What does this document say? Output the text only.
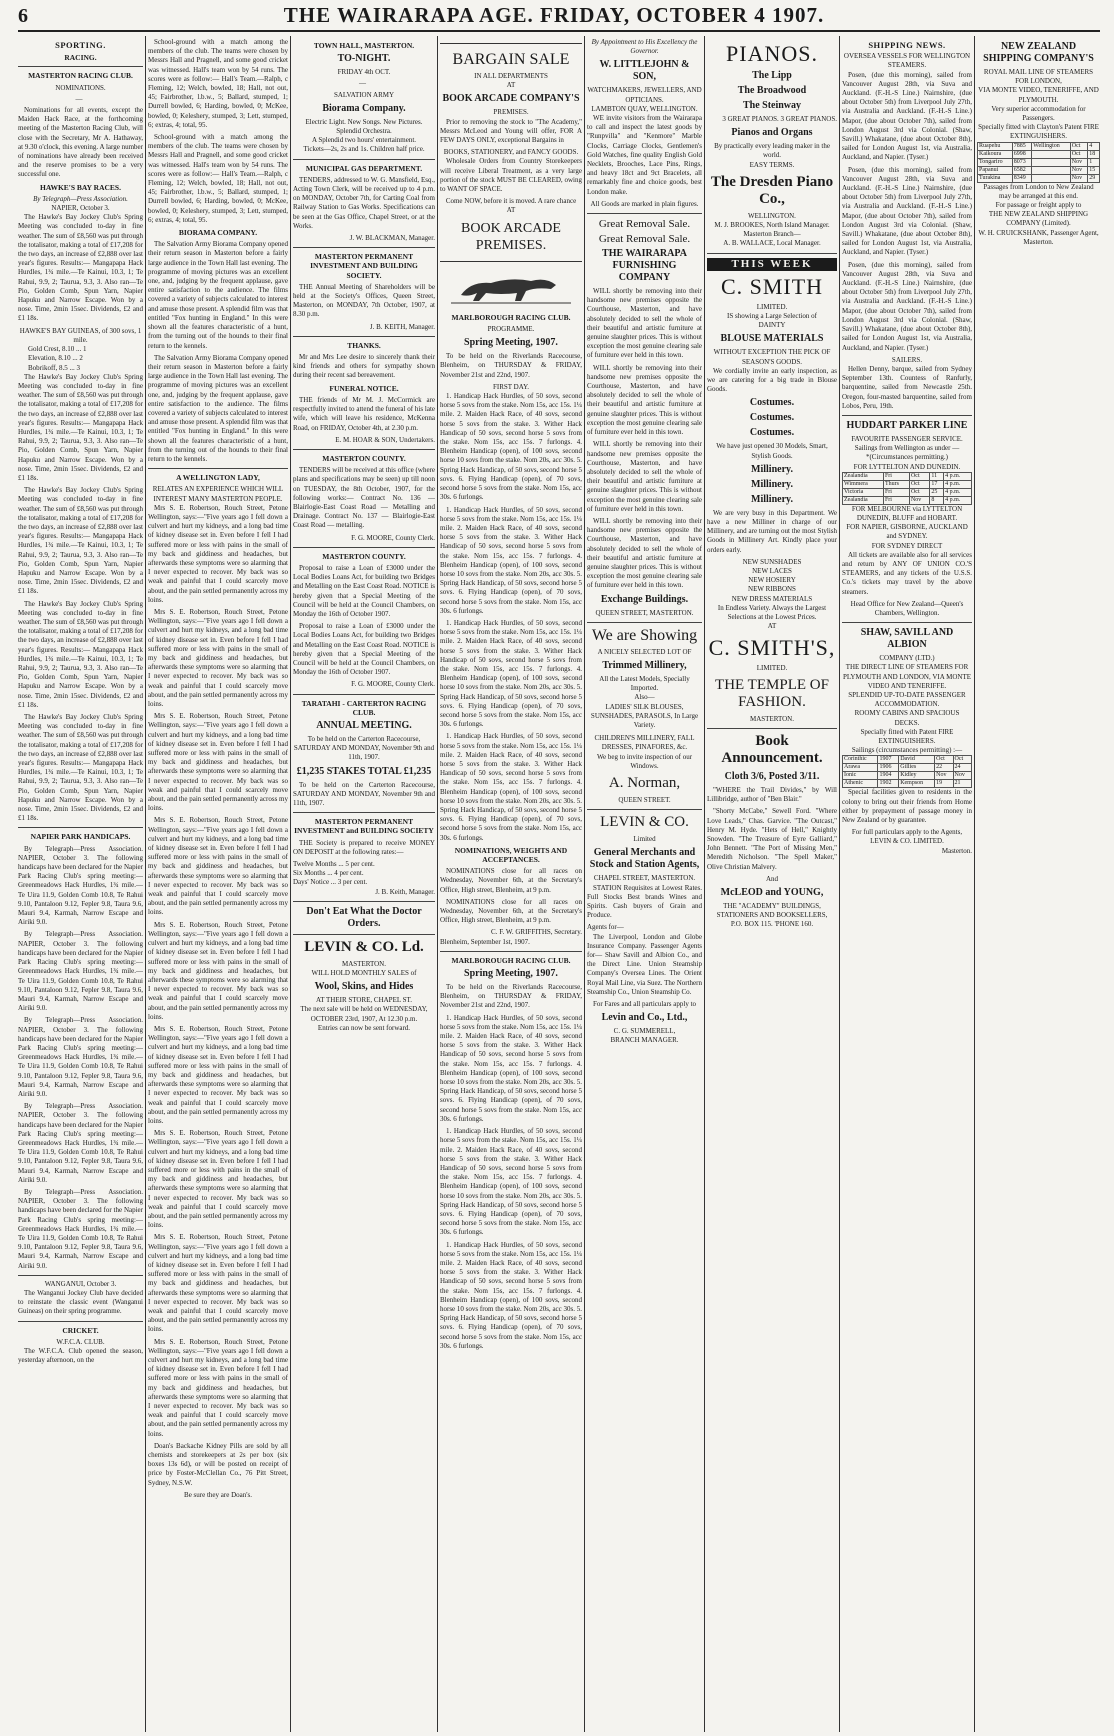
6	THE WAIRARAPA AGE. FRIDAY, OCTOBER 4 1907.
SPORTING.
RACING.
MASTERTON RACING CLUB.
NOMINATIONS.
—

Nominations for all events, except the Maiden Hack Race, at the forthcoming meeting of the Masterton Racing Club, will close with the Secretary, Mr A. Hathaway, at 9.30 o'clock, this evening. A large number of nominations have already been received and the reserve promises to be a very successful one.

HAWKE'S BAY RACES.
By Telegraph—Press Association.
NAPIER, October 3.

The Hawke's Bay Jockey Club's Spring Meeting was concluded to-day in fine weather. The sum of £8,560 was put through the totalisator, making a total of £17,208 for the two days, an increase of £2,888 over last year's figures. Results:— Mangapapa Hack Hurdles, 1¾ mile.—Te Kainui, 10.3, 1; Te Rahui, 9.9, 2; Taurua, 9.3, 3. Also ran—Te Pio, Golden Comb, Spun Yarn, Napier Hapuku and Narrow Escape. Won by a nose. Time, 2min 15sec. Dividends, £2 and £1 18s.

HAWKE'S BAY GUINEAS, of 300 sovs, 1 mile.
Gold Crest, 8.10 ... 1
Elevation, 8.10 ... 2
Bobrikoff, 8.5 ... 3

The Hawke's Bay Jockey Club's Spring Meeting was concluded to-day in fine weather. The sum of £8,560 was put through the totalisator, making a total of £17,208 for the two days, an increase of £2,888 over last year's figures. Results:— Mangapapa Hack Hurdles, 1¾ mile.—Te Kainui, 10.3, 1; Te Rahui, 9.9, 2; Taurua, 9.3, 3. Also ran—Te Pio, Golden Comb, Spun Yarn, Napier Hapuku and Narrow Escape. Won by a nose. Time, 2min 15sec. Dividends, £2 and £1 18s.

The Hawke's Bay Jockey Club's Spring Meeting was concluded to-day in fine weather. The sum of £8,560 was put through the totalisator, making a total of £17,208 for the two days, an increase of £2,888 over last year's figures. Results:— Mangapapa Hack Hurdles, 1¾ mile.—Te Kainui, 10.3, 1; Te Rahui, 9.9, 2; Taurua, 9.3, 3. Also ran—Te Pio, Golden Comb, Spun Yarn, Napier Hapuku and Narrow Escape. Won by a nose. Time, 2min 15sec. Dividends, £2 and £1 18s.

The Hawke's Bay Jockey Club's Spring Meeting was concluded to-day in fine weather. The sum of £8,560 was put through the totalisator, making a total of £17,208 for the two days, an increase of £2,888 over last year's figures. Results:— Mangapapa Hack Hurdles, 1¾ mile.—Te Kainui, 10.3, 1; Te Rahui, 9.9, 2; Taurua, 9.3, 3. Also ran—Te Pio, Golden Comb, Spun Yarn, Napier Hapuku and Narrow Escape. Won by a nose. Time, 2min 15sec. Dividends, £2 and £1 18s.

The Hawke's Bay Jockey Club's Spring Meeting was concluded to-day in fine weather. The sum of £8,560 was put through the totalisator, making a total of £17,208 for the two days, an increase of £2,888 over last year's figures. Results:— Mangapapa Hack Hurdles, 1¾ mile.—Te Kainui, 10.3, 1; Te Rahui, 9.9, 2; Taurua, 9.3, 3. Also ran—Te Pio, Golden Comb, Spun Yarn, Napier Hapuku and Narrow Escape. Won by a nose. Time, 2min 15sec. Dividends, £2 and £1 18s.

NAPIER PARK HANDICAPS.

By Telegraph—Press Association. NAPIER, October 3. The following handicaps have been declared for the Napier Park Racing Club's spring meeting:— Greenmeadows Hack Hurdles, 1¾ mile.—Te Uira 11.9, Golden Comb 10.8, Te Rahui 9.10, Pantaloon 9.12, Fepler 9.8, Taura 9.6, Mauri 9.4, Karmah, Narrow Escape and Airiki 9.0.

By Telegraph—Press Association. NAPIER, October 3. The following handicaps have been declared for the Napier Park Racing Club's spring meeting:— Greenmeadows Hack Hurdles, 1¾ mile.—Te Uira 11.9, Golden Comb 10.8, Te Rahui 9.10, Pantaloon 9.12, Fepler 9.8, Taura 9.6, Mauri 9.4, Karmah, Narrow Escape and Airiki 9.0.

By Telegraph—Press Association. NAPIER, October 3. The following handicaps have been declared for the Napier Park Racing Club's spring meeting:— Greenmeadows Hack Hurdles, 1¾ mile.—Te Uira 11.9, Golden Comb 10.8, Te Rahui 9.10, Pantaloon 9.12, Fepler 9.8, Taura 9.6, Mauri 9.4, Karmah, Narrow Escape and Airiki 9.0.

By Telegraph—Press Association. NAPIER, October 3. The following handicaps have been declared for the Napier Park Racing Club's spring meeting:— Greenmeadows Hack Hurdles, 1¾ mile.—Te Uira 11.9, Golden Comb 10.8, Te Rahui 9.10, Pantaloon 9.12, Fepler 9.8, Taura 9.6, Mauri 9.4, Karmah, Narrow Escape and Airiki 9.0.

By Telegraph—Press Association. NAPIER, October 3. The following handicaps have been declared for the Napier Park Racing Club's spring meeting:— Greenmeadows Hack Hurdles, 1¾ mile.—Te Uira 11.9, Golden Comb 10.8, Te Rahui 9.10, Pantaloon 9.12, Fepler 9.8, Taura 9.6, Mauri 9.4, Karmah, Narrow Escape and Airiki 9.0.

WANGANUI, October 3.

The Wanganui Jockey Club have decided to reinstate the classic event (Wanganui Guineas) on their spring programme.

CRICKET.
W.F.C.A. CLUB.

The W.F.C.A. Club opened the season, yesterday afternoon, on the

School-ground with a match among the members of the club. The teams were chosen by Messrs Hall and Pragnell, and some good cricket was witnessed. Hall's team won by 54 runs. The scores were as follow:— Hall's Team.—Ralph, c Fleming, 12; Welch, bowled, 18; Hall, not out, 45; Fairbrother, l.b.w., 5; Ballard, stumped, 1; Durrell bowled, 6; Harding, bowled, 0; McKee, bowled, 0; Keleshery, stumped, 3; Lett, stumped, 6; extras, 4; total, 95.

School-ground with a match among the members of the club. The teams were chosen by Messrs Hall and Pragnell, and some good cricket was witnessed. Hall's team won by 54 runs. The scores were as follow:— Hall's Team.—Ralph, c Fleming, 12; Welch, bowled, 18; Hall, not out, 45; Fairbrother, l.b.w., 5; Ballard, stumped, 1; Durrell bowled, 6; Harding, bowled, 0; McKee, bowled, 0; Keleshery, stumped, 3; Lett, stumped, 6; extras, 4; total, 95.

BIORAMA COMPANY.

The Salvation Army Biorama Company opened their return season in Masterton before a fairly large audience in the Town Hall last evening. The programme of moving pictures was an excellent one, and, judging by the frequent applause, gave entire satisfaction to the audience. The films covered a variety of subjects calculated to interest and amuse those present. A splendid film was that entitled "Fox hunting in England." In this were shown all the features characteristic of a hunt, from the turning out of the hounds to their final return to the kennels.

The Salvation Army Biorama Company opened their return season in Masterton before a fairly large audience in the Town Hall last evening. The programme of moving pictures was an excellent one, and, judging by the frequent applause, gave entire satisfaction to the audience. The films covered a variety of subjects calculated to interest and amuse those present. A splendid film was that entitled "Fox hunting in England." In this were shown all the features characteristic of a hunt, from the turning out of the hounds to their final return to the kennels.

A WELLINGTON LADY,
RELATES AN EXPERIENCE WHICH WILL INTEREST MANY MASTERTON PEOPLE.

Mrs S. E. Robertson, Rouch Street, Petone Wellington, says:—"Five years ago I fell down a culvert and hurt my kidneys, and a long bad time of kidney disease set in. Even before I fell I had suffered more or less with pains in the small of my back and giddiness and headaches, but afterwards these symptoms were so alarming that I never expected to recover. My back was so weak and painful that I could scarcely move about, and the pain settled permanently across my loins.

Mrs S. E. Robertson, Rouch Street, Petone Wellington, says:—"Five years ago I fell down a culvert and hurt my kidneys, and a long bad time of kidney disease set in. Even before I fell I had suffered more or less with pains in the small of my back and giddiness and headaches, but afterwards these symptoms were so alarming that I never expected to recover. My back was so weak and painful that I could scarcely move about, and the pain settled permanently across my loins.

Mrs S. E. Robertson, Rouch Street, Petone Wellington, says:—"Five years ago I fell down a culvert and hurt my kidneys, and a long bad time of kidney disease set in. Even before I fell I had suffered more or less with pains in the small of my back and giddiness and headaches, but afterwards these symptoms were so alarming that I never expected to recover. My back was so weak and painful that I could scarcely move about, and the pain settled permanently across my loins.

Mrs S. E. Robertson, Rouch Street, Petone Wellington, says:—"Five years ago I fell down a culvert and hurt my kidneys, and a long bad time of kidney disease set in. Even before I fell I had suffered more or less with pains in the small of my back and giddiness and headaches, but afterwards these symptoms were so alarming that I never expected to recover. My back was so weak and painful that I could scarcely move about, and the pain settled permanently across my loins.

Mrs S. E. Robertson, Rouch Street, Petone Wellington, says:—"Five years ago I fell down a culvert and hurt my kidneys, and a long bad time of kidney disease set in. Even before I fell I had suffered more or less with pains in the small of my back and giddiness and headaches, but afterwards these symptoms were so alarming that I never expected to recover. My back was so weak and painful that I could scarcely move about, and the pain settled permanently across my loins.

Mrs S. E. Robertson, Rouch Street, Petone Wellington, says:—"Five years ago I fell down a culvert and hurt my kidneys, and a long bad time of kidney disease set in. Even before I fell I had suffered more or less with pains in the small of my back and giddiness and headaches, but afterwards these symptoms were so alarming that I never expected to recover. My back was so weak and painful that I could scarcely move about, and the pain settled permanently across my loins.

Mrs S. E. Robertson, Rouch Street, Petone Wellington, says:—"Five years ago I fell down a culvert and hurt my kidneys, and a long bad time of kidney disease set in. Even before I fell I had suffered more or less with pains in the small of my back and giddiness and headaches, but afterwards these symptoms were so alarming that I never expected to recover. My back was so weak and painful that I could scarcely move about, and the pain settled permanently across my loins.

Mrs S. E. Robertson, Rouch Street, Petone Wellington, says:—"Five years ago I fell down a culvert and hurt my kidneys, and a long bad time of kidney disease set in. Even before I fell I had suffered more or less with pains in the small of my back and giddiness and headaches, but afterwards these symptoms were so alarming that I never expected to recover. My back was so weak and painful that I could scarcely move about, and the pain settled permanently across my loins.

Mrs S. E. Robertson, Rouch Street, Petone Wellington, says:—"Five years ago I fell down a culvert and hurt my kidneys, and a long bad time of kidney disease set in. Even before I fell I had suffered more or less with pains in the small of my back and giddiness and headaches, but afterwards these symptoms were so alarming that I never expected to recover. My back was so weak and painful that I could scarcely move about, and the pain settled permanently across my loins.

Doan's Backache Kidney Pills are sold by all chemists and storekeepers at 2s per box (six boxes 13s 6d), or will be posted on receipt of price by Foster-McClellan Co., 76 Pitt Street, Sydney, N.S.W.

Be sure they are Doan's.
TOWN HALL, MASTERTON.
TO-NIGHT.
FRIDAY 4th OCT.
—
SALVATION ARMY
Biorama Company.
Electric Light. New Songs. New Pictures. Splendid Orchestra.
A Splendid two hours' entertainment.
Tickets—2s, 2s and 1s. Children half price.
MUNICIPAL GAS DEPARTMENT.

TENDERS, addressed to W. G. Mansfield, Esq., Acting Town Clerk, will be received up to 4 p.m. on MONDAY, October 7th, for Carting Coal from Railway Station to Gas Works. Specifications can be seen at the Gas Office, Chapel Street, or at the Works.

J. W. BLACKMAN, Manager.
MASTERTON PERMANENT INVESTMENT AND BUILDING SOCIETY.

THE Annual Meeting of Shareholders will be held at the Society's Offices, Queen Street, Masterton, on MONDAY, 7th October, 1907, at 8.30 p.m.

J. B. KEITH, Manager.
THANKS.

Mr and Mrs Lee desire to sincerely thank their kind friends and others for sympathy shown during their recent sad bereavement.

FUNERAL NOTICE.

THE friends of Mr M. J. McCormick are respectfully invited to attend the funeral of his late wife, which will leave his residence, McKenna Road, on FRIDAY, October 4th, at 2.30 p.m.

E. M. HOAR & SON, Undertakers.
MASTERTON COUNTY.

TENDERS will be received at this office (where plans and specifications may be seen) up till noon on TUESDAY, the 8th October, 1907, for the following works:— Contract No. 136 — Blairlogie-East Coast Road — Metalling and Drainage. Contract No. 137 — Blairlogie-East Coast Road — metalling.

F. G. MOORE, County Clerk.
MASTERTON COUNTY.

Proposal to raise a Loan of £3000 under the Local Bodies Loans Act, for building two Bridges and Metalling on the East Coast Road. NOTICE is hereby given that a Special Meeting of the Council will be held at the Council Chambers, on Monday the 16th of October 1907.

Proposal to raise a Loan of £3000 under the Local Bodies Loans Act, for building two Bridges and Metalling on the East Coast Road. NOTICE is hereby given that a Special Meeting of the Council will be held at the Council Chambers, on Monday the 16th of October 1907.

F. G. MOORE, County Clerk.
TARATAHI - CARTERTON RACING CLUB.
ANNUAL MEETING.
To be held on the Carterton Racecourse, SATURDAY AND MONDAY, November 9th and 11th, 1907.
£1,235 STAKES TOTAL £1,235

To be held on the Carterton Racecourse, SATURDAY AND MONDAY, November 9th and 11th, 1907.

MASTERTON PERMANENT INVESTMENT and BUILDING SOCIETY

THE Society is prepared to receive MONEY ON DEPOSIT at the following rates:—

Twelve Months ... 5 per cent.
Six Months ... 4 per cent.
Days' Notice ... 3 per cent.
J. B. Keith, Manager.
Don't Eat What the Doctor Orders.
LEVIN & CO. Ld.
MASTERTON.
WILL HOLD MONTHLY SALES of
Wool, Skins, and Hides
AT THEIR STORE, CHAPEL ST.
The next sale will be held on WEDNESDAY, OCTOBER 23rd, 1907, At 12.30 p.m.
Entries can now be sent forward.
BARGAIN SALE
IN ALL DEPARTMENTS
AT
BOOK ARCADE COMPANY'S
PREMISES.

Prior to removing the stock to "The Academy," Messrs McLeod and Young will offer, FOR A FEW DAYS ONLY, exceptional Bargains in

BOOKS, STATIONERY, and FANCY GOODS.

Wholesale Orders from Country Storekeepers will receive Liberal Treatment, as a very large portion of the stock MUST BE CLEARED, owing to WANT OF SPACE.

Come NOW, before it is moved. A rare chance
AT
BOOK ARCADE PREMISES.
MARLBOROUGH RACING CLUB.
PROGRAMME.
Spring Meeting, 1907.

To be held on the Riverlands Racecourse, Blenheim, on THURSDAY & FRIDAY, November 21st and 22nd, 1907.

FIRST DAY.

1. Handicap Hack Hurdles, of 50 sovs, second horse 5 sovs from the stake. Nom 15s, acc 15s. 1¼ mile. 2. Maiden Hack Race, of 40 sovs, second horse 5 sovs from the stake. 3. Wither Hack Handicap of 50 sovs, second horse 5 sovs from the stake. Nom 15s, acc 15s. 7 furlongs. 4. Blenheim Handicap (open), of 100 sovs, second horse 10 sovs from the stake. Nom 20s, acc 30s. 5. Spring Hack Handicap, of 50 sovs, second horse 5 sovs. 6. Flying Handicap (open), of 70 sovs, second horse 5 sovs from the stake. Nom 15s, acc 30s. 6 furlongs.

1. Handicap Hack Hurdles, of 50 sovs, second horse 5 sovs from the stake. Nom 15s, acc 15s. 1¼ mile. 2. Maiden Hack Race, of 40 sovs, second horse 5 sovs from the stake. 3. Wither Hack Handicap of 50 sovs, second horse 5 sovs from the stake. Nom 15s, acc 15s. 7 furlongs. 4. Blenheim Handicap (open), of 100 sovs, second horse 10 sovs from the stake. Nom 20s, acc 30s. 5. Spring Hack Handicap, of 50 sovs, second horse 5 sovs. 6. Flying Handicap (open), of 70 sovs, second horse 5 sovs from the stake. Nom 15s, acc 30s. 6 furlongs.

1. Handicap Hack Hurdles, of 50 sovs, second horse 5 sovs from the stake. Nom 15s, acc 15s. 1¼ mile. 2. Maiden Hack Race, of 40 sovs, second horse 5 sovs from the stake. 3. Wither Hack Handicap of 50 sovs, second horse 5 sovs from the stake. Nom 15s, acc 15s. 7 furlongs. 4. Blenheim Handicap (open), of 100 sovs, second horse 10 sovs from the stake. Nom 20s, acc 30s. 5. Spring Hack Handicap, of 50 sovs, second horse 5 sovs. 6. Flying Handicap (open), of 70 sovs, second horse 5 sovs from the stake. Nom 15s, acc 30s. 6 furlongs.

1. Handicap Hack Hurdles, of 50 sovs, second horse 5 sovs from the stake. Nom 15s, acc 15s. 1¼ mile. 2. Maiden Hack Race, of 40 sovs, second horse 5 sovs from the stake. 3. Wither Hack Handicap of 50 sovs, second horse 5 sovs from the stake. Nom 15s, acc 15s. 7 furlongs. 4. Blenheim Handicap (open), of 100 sovs, second horse 10 sovs from the stake. Nom 20s, acc 30s. 5. Spring Hack Handicap, of 50 sovs, second horse 5 sovs. 6. Flying Handicap (open), of 70 sovs, second horse 5 sovs from the stake. Nom 15s, acc 30s. 6 furlongs.

NOMINATIONS, WEIGHTS AND ACCEPTANCES.

NOMINATIONS close for all races on Wednesday, November 6th, at the Secretary's Office, High street, Blenheim, at 9 p.m.

NOMINATIONS close for all races on Wednesday, November 6th, at the Secretary's Office, High street, Blenheim, at 9 p.m.

C. F. W. GRIFFITHS, Secretary.
Blenheim, September 1st, 1907.
MARLBOROUGH RACING CLUB.
Spring Meeting, 1907.

To be held on the Riverlands Racecourse, Blenheim, on THURSDAY & FRIDAY, November 21st and 22nd, 1907.

1. Handicap Hack Hurdles, of 50 sovs, second horse 5 sovs from the stake. Nom 15s, acc 15s. 1¼ mile. 2. Maiden Hack Race, of 40 sovs, second horse 5 sovs from the stake. 3. Wither Hack Handicap of 50 sovs, second horse 5 sovs from the stake. Nom 15s, acc 15s. 7 furlongs. 4. Blenheim Handicap (open), of 100 sovs, second horse 10 sovs from the stake. Nom 20s, acc 30s. 5. Spring Hack Handicap, of 50 sovs, second horse 5 sovs. 6. Flying Handicap (open), of 70 sovs, second horse 5 sovs from the stake. Nom 15s, acc 30s. 6 furlongs.

1. Handicap Hack Hurdles, of 50 sovs, second horse 5 sovs from the stake. Nom 15s, acc 15s. 1¼ mile. 2. Maiden Hack Race, of 40 sovs, second horse 5 sovs from the stake. 3. Wither Hack Handicap of 50 sovs, second horse 5 sovs from the stake. Nom 15s, acc 15s. 7 furlongs. 4. Blenheim Handicap (open), of 100 sovs, second horse 10 sovs from the stake. Nom 20s, acc 30s. 5. Spring Hack Handicap, of 50 sovs, second horse 5 sovs. 6. Flying Handicap (open), of 70 sovs, second horse 5 sovs from the stake. Nom 15s, acc 30s. 6 furlongs.

1. Handicap Hack Hurdles, of 50 sovs, second horse 5 sovs from the stake. Nom 15s, acc 15s. 1¼ mile. 2. Maiden Hack Race, of 40 sovs, second horse 5 sovs from the stake. 3. Wither Hack Handicap of 50 sovs, second horse 5 sovs from the stake. Nom 15s, acc 15s. 7 furlongs. 4. Blenheim Handicap (open), of 100 sovs, second horse 10 sovs from the stake. Nom 20s, acc 30s. 5. Spring Hack Handicap, of 50 sovs, second horse 5 sovs. 6. Flying Handicap (open), of 70 sovs, second horse 5 sovs from the stake. Nom 15s, acc 30s. 6 furlongs.

By Appointment to His Excellency the Governor.
W. LITTLEJOHN & SON,
WATCHMAKERS, JEWELLERS, AND OPTICIANS.
LAMBTON QUAY, WELLINGTON.

WE invite visitors from the Wairarapa to call and inspect the latest goods by "Runpvilla" and "Kenmore" Marble Clocks, Carriage Clocks, Gentlemen's Gold Watches, fine quality English Gold Necklets, Brooches, Lace Pins, Rings, and heavy 18ct and 9ct Bracelets, all remarkably fine and choice goods, best London make.

All Goods are marked in plain figures.
Great Removal Sale.
Great Removal Sale.
THE WAIRARAPA FURNISHING COMPANY

WILL shortly be removing into their handsome new premises opposite the Courthouse, Masterton, and have absolutely decided to sell the whole of their beautiful and artistic furniture at genuine slaughter prices. This is without exception the most genuine clearing sale of furniture ever held in this town.

WILL shortly be removing into their handsome new premises opposite the Courthouse, Masterton, and have absolutely decided to sell the whole of their beautiful and artistic furniture at genuine slaughter prices. This is without exception the most genuine clearing sale of furniture ever held in this town.

WILL shortly be removing into their handsome new premises opposite the Courthouse, Masterton, and have absolutely decided to sell the whole of their beautiful and artistic furniture at genuine slaughter prices. This is without exception the most genuine clearing sale of furniture ever held in this town.

WILL shortly be removing into their handsome new premises opposite the Courthouse, Masterton, and have absolutely decided to sell the whole of their beautiful and artistic furniture at genuine slaughter prices. This is without exception the most genuine clearing sale of furniture ever held in this town.

Exchange Buildings.
QUEEN STREET, MASTERTON.
We are Showing
A NICELY SELECTED LOT OF
Trimmed Millinery,
All the Latest Models, Specially Imported.
Also—
LADIES' SILK BLOUSES, SUNSHADES, PARASOLS, In Large Variety.
CHILDREN'S MILLINERY, FALL DRESSES, PINAFORES, &c.
We beg to invite inspection of our Windows.
A. Norman,
QUEEN STREET.
LEVIN & CO.
Limited
General Merchants and Stock and Station Agents,
CHAPEL STREET, MASTERTON.

STATION Requisites at Lowest Rates. Full Stocks Best brands Wines and Spirits. Cash buyers of Grain and Produce.

Agents for—

The Liverpool, London and Globe Insurance Company. Passenger Agents for— Shaw Savill and Albion Co., and the Direct Line. Union Steamship Company's Oversea Lines. The Orient Royal Mail Line, via Suez. The Northern Steamship Co., Union Steamship Co.

For Fares and all particulars apply to
Levin and Co., Ltd.,
C. G. SUMMERELL,
BRANCH MANAGER.
PIANOS.
The Lipp
The Broadwood
The Steinway
3 GREAT PIANOS. 3 GREAT PIANOS.
Pianos and Organs
By practically every leading maker in the world.
EASY TERMS.
The Dresden Piano Co.,
WELLINGTON.
M. J. BROOKES, North Island Manager.
Masterton Branch—
A. B. WALLACE, Local Manager.
THIS WEEK
C. SMITH
LIMITED.
IS showing a Large Selection of
DAINTY
BLOUSE MATERIALS
WITHOUT EXCEPTION THE PICK OF SEASON'S GOODS.

We cordially invite an early inspection, as we are catering for a big trade in Blouse Goods.

Costumes.
Costumes.
Costumes.
We have just opened 30 Models, Smart, Stylish Goods.
Millinery.
Millinery.
Millinery.

We are very busy in this Department. We have a new Milliner in charge of our Millinery, and are turning out the most Stylish Goods in Millinery Art. Kindly place your orders early.

NEW SUNSHADES
NEW LACES
NEW HOSIERY
NEW RIBBONS
NEW DRESS MATERIALS
In Endless Variety. Always the Largest Selections at the Lowest Prices.
AT
C. SMITH'S,
LIMITED.
THE TEMPLE OF FASHION.
MASTERTON.
Book Announcement.
Cloth 3/6, Posted 3/11.

"WHERE the Trail Divides," by Will Lillibridge, author of "Ben Blair."

"Shorty McCabe," Sewell Ford. "Where Love Leads," Chas. Garvice. "The Outcast," Henry M. Hyde. "Hets of Hell," Knightly Snowden. "The Treasure of Eyre Galliard," John Bennett. "The Port of Missing Men," Meredith Nicholson. "The Spell Maker," Olive Christian Malvery.

And
McLEOD and YOUNG,
THE "ACADEMY" BUILDINGS,
STATIONERS AND BOOKSELLERS,
P.O. BOX 115. 'PHONE 160.
SHIPPING NEWS.
OVERSEA VESSELS FOR WELLINGTON
STEAMERS.

Posen, (due this morning), sailed from Vancouver August 28th, via Suva and Auckland. (F.-H.-S Line.) Nairnshire, (due about October 5th) from Liverpool July 27th, via Australia and Auckland. (F.-H.-S Line.) Mapor, (due about October 7th), sailed from London August 3rd via Colonial. (Shaw, Savill.) Whakatane, (due about October 8th), sailed for London August 1st, via Australia, Auckland, and Napier. (Tyser.)

Posen, (due this morning), sailed from Vancouver August 28th, via Suva and Auckland. (F.-H.-S Line.) Nairnshire, (due about October 5th) from Liverpool July 27th, via Australia and Auckland. (F.-H.-S Line.) Mapor, (due about October 7th), sailed from London August 3rd via Colonial. (Shaw, Savill.) Whakatane, (due about October 8th), sailed for London August 1st, via Australia, Auckland, and Napier. (Tyser.)

Posen, (due this morning), sailed from Vancouver August 28th, via Suva and Auckland. (F.-H.-S Line.) Nairnshire, (due about October 5th) from Liverpool July 27th, via Australia and Auckland. (F.-H.-S Line.) Mapor, (due about October 7th), sailed from London August 3rd via Colonial. (Shaw, Savill.) Whakatane, (due about October 8th), sailed for London August 1st, via Australia, Auckland, and Napier. (Tyser.)

SAILERS.

Hellen Denny, barque, sailed from Sydney September 13th. Countess of Ranfurly, barquentine, sailed from Newcastle 25th. Oregon, four-masted barquentine, sailed from Lobos, Peru, 19th.

HUDDART PARKER LINE
FAVOURITE PASSENGER SERVICE.
Sailings from Wellington as under —
*(Circumstances permitting.)
FOR LYTTELTON AND DUNEDIN.
Zealandia	Fri	Oct	11	4 p.m.
Wimmera	Thurs	Oct	17	4 p.m.
Victoria	Fri	Oct	25	4 p.m.
Zealandia	Fri	Nov	8	4 p.m.
FOR MELBOURNE via LYTTELTON DUNEDIN, BLUFF and HOBART.
FOR NAPIER, GISBORNE, AUCKLAND and SYDNEY.
FOR SYDNEY DIRECT

All tickets are available also for all services and return by ANY OF UNION CO.'S STEAMERS, and any tickets of the U.S.S. Co.'s tickets may travel by the above steamers.

Head Office for New Zealand—Queen's Chambers, Wellington.
SHAW, SAVILL AND ALBION
COMPANY (LTD.)
THE DIRECT LINE OF STEAMERS FOR PLYMOUTH AND LONDON, VIA MONTE VIDEO AND TENERIFFE.
SPLENDID UP-TO-DATE PASSENGER ACCOMMODATION.
ROOMY CABINS AND SPACIOUS DECKS.
Specially fitted with Patent FIRE EXTINGUISHERS.
Sailings (circumstances permitting) :—
Corinthic	1907	David	Oct	Oct
Arawa	1906	Gillies	22	24
Ionic	1904	Kidley	Nov	Nov
Athenic	1902	Kempson	19	21

Special facilities given to residents in the colony to bring out their friends from Home either by prepayment of passage money in New Zealand or by guarantee.

For full particulars apply to the Agents,
LEVIN & CO. LIMITED.
Masterton.
NEW ZEALAND SHIPPING COMPANY'S
ROYAL MAIL LINE OF STEAMERS FOR LONDON,
VIA MONTE VIDEO, TENERIFFE, AND PLYMOUTH.
Very superior accommodation for Passengers.
Specially fitted with Clayton's Patent FIRE EXTINGUISHERS.
Ruapehu	7885	Wellington	Oct	4
Kaikoura	6998		Oct	18
Tongariro	8073		Nov	1
Papanui	6582		Nov	15
Turakina	8349		Nov	29
Passages from London to New Zealand may be arranged at this end.
For passage or freight apply to
THE NEW ZEALAND SHIPPING COMPANY (Limited).
W. H. CRUICKSHANK, Passenger Agent, Masterton.
